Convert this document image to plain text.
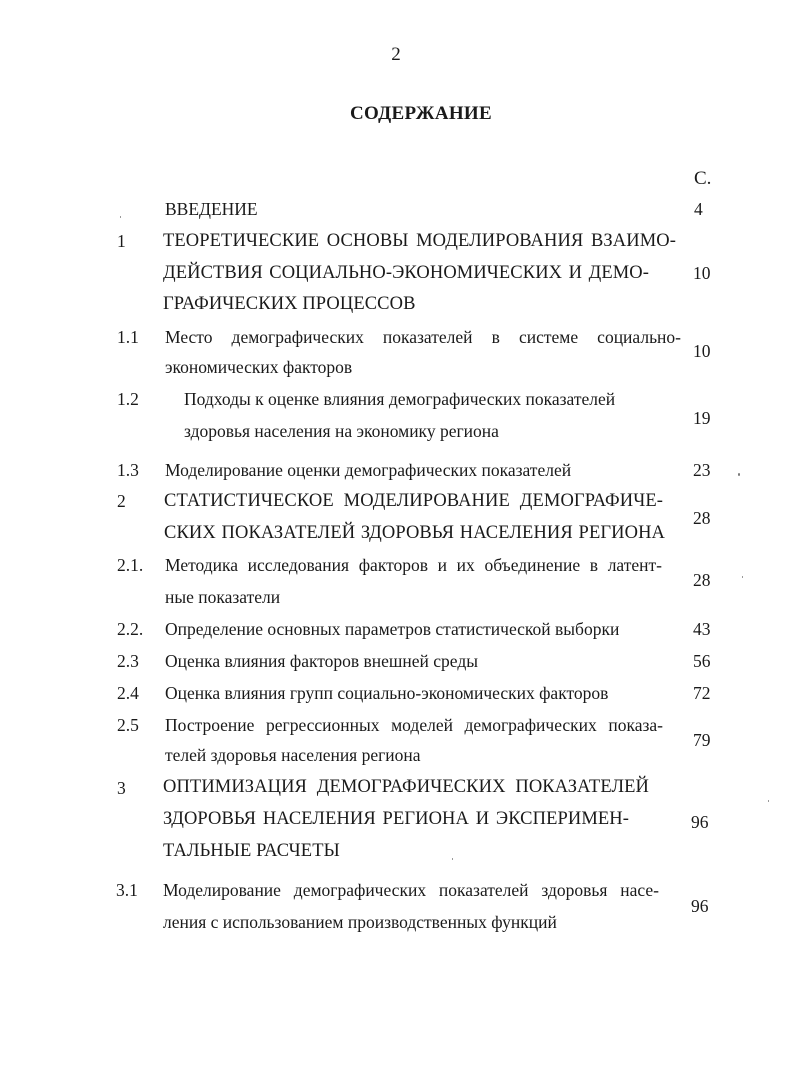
2
СОДЕРЖАНИЕ
С.
ВВЕДЕНИЕ	4
1 ТЕОРЕТИЧЕСКИЕ ОСНОВЫ МОДЕЛИРОВАНИЯ ВЗАИМО-
ДЕЙСТВИЯ СОЦИАЛЬНО-ЭКОНОМИЧЕСКИХ И ДЕМО-
ГРАФИЧЕСКИХ ПРОЦЕССОВ
10
1.1 Место демографических показателей в системе социально-
экономических факторов
10
1.2	Подходы к оценке влияния демографических показателей
здоровья населения на экономику региона
19
1.3 Моделирование оценки демографических показателей	23
2 СТАТИСТИЧЕСКОЕ МОДЕЛИРОВАНИЕ ДЕМОГРАФИЧЕ-
СКИХ ПОКАЗАТЕЛЕЙ ЗДОРОВЬЯ НАСЕЛЕНИЯ РЕГИОНА
28
2.1. Методика исследования факторов и их объединение в латент-
ные показатели
28
2.2. Определение основных параметров статистической выборки	43
2.3 Оценка влияния факторов внешней среды	56
2.4 Оценка влияния групп социально-экономических факторов	72
2.5 Построение регрессионных моделей демографических показа-
телей здоровья населения региона
79
3 ОПТИМИЗАЦИЯ ДЕМОГРАФИЧЕСКИХ ПОКАЗАТЕЛЕЙ
ЗДОРОВЬЯ НАСЕЛЕНИЯ РЕГИОНА И ЭКСПЕРИМЕН-
ТАЛЬНЫЕ РАСЧЕТЫ
96
3.1 Моделирование демографических показателей здоровья насе-
ления с использованием производственных функций
96
